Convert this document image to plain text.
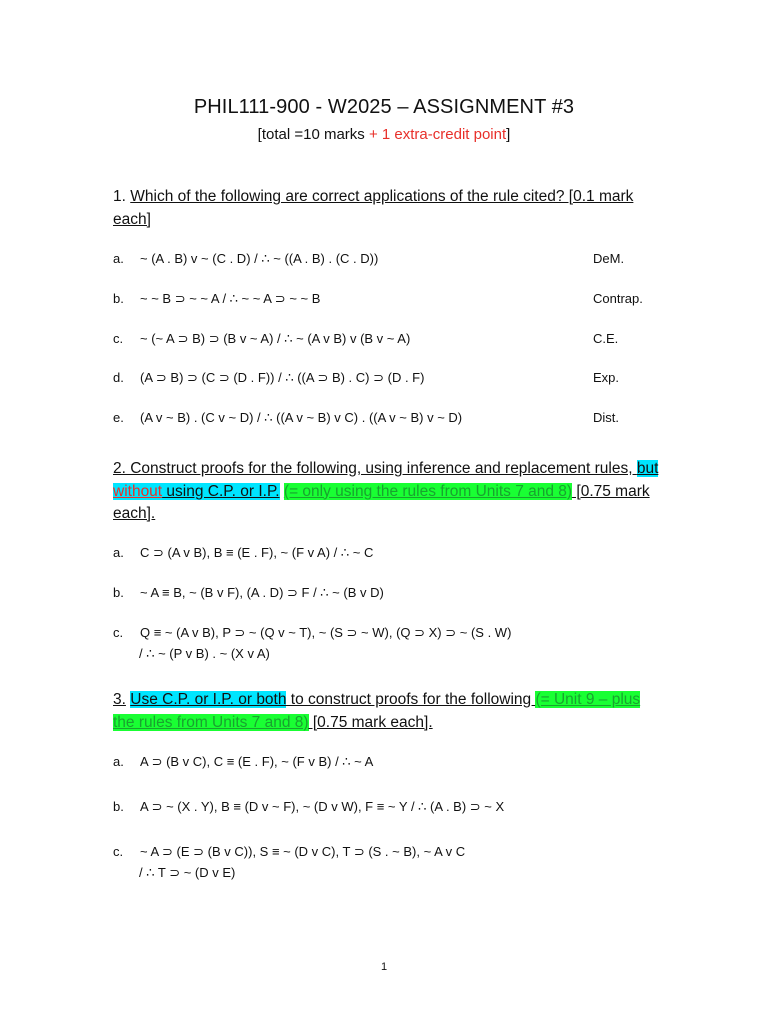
PHIL111-900 - W2025 – ASSIGNMENT #3
[total =10 marks + 1 extra-credit point]
1. Which of the following are correct applications of the rule cited? [0.1 mark each]
a. ~ (A . B) v ~ (C . D) / ∴ ~ ((A . B) . (C . D))	DeM.
b. ~ ~ B ⊃ ~ ~ A / ∴ ~ ~ A ⊃ ~ ~ B	Contrap.
c. ~ (~ A ⊃ B) ⊃ (B v ~ A) / ∴ ~ (A v B) v (B v ~ A)	C.E.
d. (A ⊃ B) ⊃ (C ⊃ (D . F)) / ∴ ((A ⊃ B) . C) ⊃ (D . F)	Exp.
e. (A v ~ B) . (C v ~ D) / ∴ ((A v ~ B) v C) . ((A v ~ B) v ~ D)	Dist.
2. Construct proofs for the following, using inference and replacement rules, but without using C.P. or I.P. (= only using the rules from Units 7 and 8) [0.75 mark each].
a. C ⊃ (A v B), B ≡ (E . F), ~ (F v A) / ∴ ~ C
b. ~ A ≡ B, ~ (B v F), (A . D) ⊃ F / ∴ ~ (B v D)
c. Q ≡ ~ (A v B), P ⊃ ~ (Q v ~ T), ~ (S ⊃ ~ W), (Q ⊃ X) ⊃ ~ (S . W)
/ ∴ ~ (P v B) . ~ (X v A)
3. Use C.P. or I.P. or both to construct proofs for the following (= Unit 9 – plus the rules from Units 7 and 8) [0.75 mark each].
a. A ⊃ (B v C), C ≡ (E . F), ~ (F v B) / ∴ ~ A
b. A ⊃ ~ (X . Y), B ≡ (D v ~ F), ~ (D v W), F ≡ ~ Y / ∴ (A . B) ⊃ ~ X
c. ~ A ⊃ (E ⊃ (B v C)), S ≡ ~ (D v C), T ⊃ (S . ~ B), ~ A v C
/ ∴ T ⊃ ~ (D v E)
1
